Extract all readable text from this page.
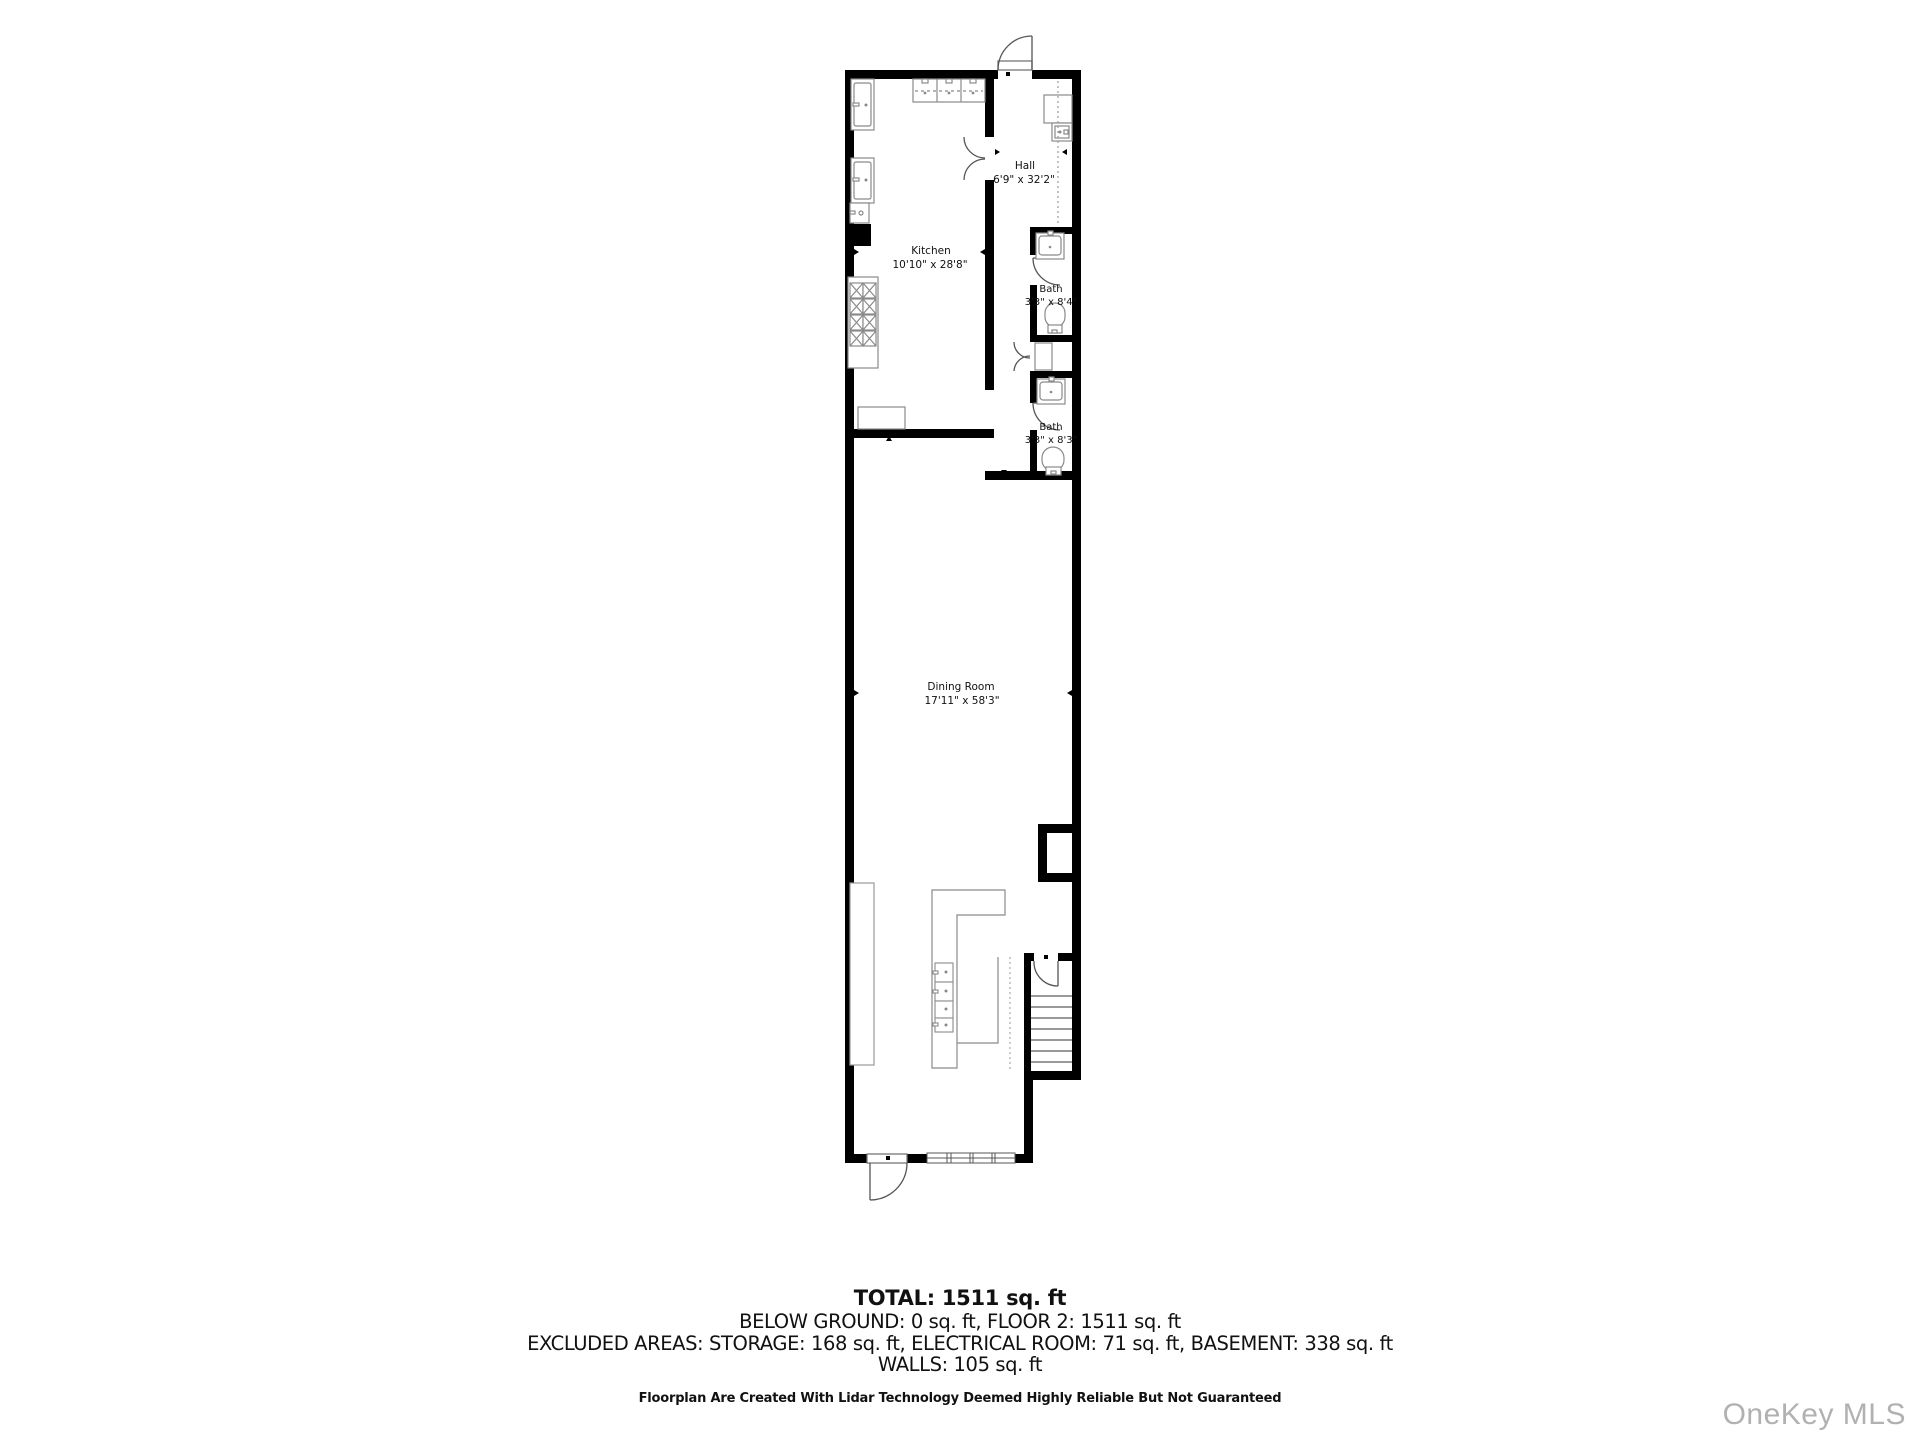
Kitchen
10'10" x 28'8"
Hall
6'9" x 32'2"
Bath
3'3" x 8'4"
Bath
3'3" x 8'3"
Dining Room
17'11" x 58'3"
TOTAL: 1511 sq. ft
BELOW GROUND: 0 sq. ft, FLOOR 2: 1511 sq. ft
EXCLUDED AREAS: STORAGE: 168 sq. ft, ELECTRICAL ROOM: 71 sq. ft, BASEMENT: 338 sq. ft
WALLS: 105 sq. ft
Floorplan Are Created With Lidar Technology Deemed Highly Reliable But Not Guaranteed	OneKey MLS
